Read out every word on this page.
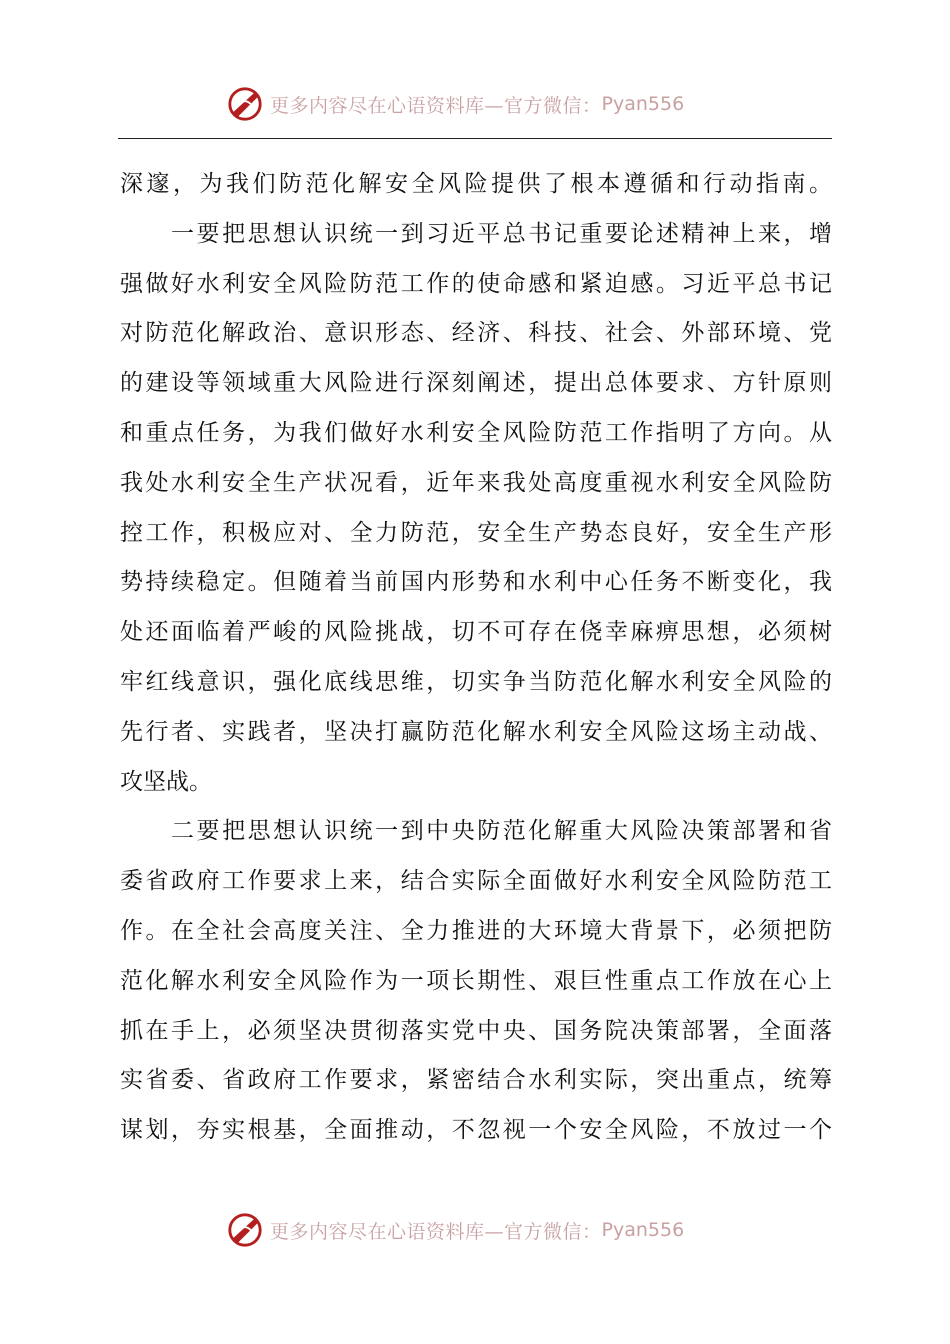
更多内容尽在心语资料库—官方微信： Pyan556
深邃，为我们防范化解安全风险提供了根本遵循和行动指南。
　　一要把思想认识统一到习近平总书记重要论述精神上来，增
强做好水利安全风险防范工作的使命感和紧迫感。习近平总书记
对防范化解政治、意识形态、经济、科技、社会、外部环境、党
的建设等领域重大风险进行深刻阐述，提出总体要求、方针原则
和重点任务，为我们做好水利安全风险防范工作指明了方向。从
我处水利安全生产状况看，近年来我处高度重视水利安全风险防
控工作，积极应对、全力防范，安全生产势态良好，安全生产形
势持续稳定。但随着当前国内形势和水利中心任务不断变化，我
处还面临着严峻的风险挑战，切不可存在侥幸麻痹思想，必须树
牢红线意识，强化底线思维，切实争当防范化解水利安全风险的
先行者、实践者，坚决打赢防范化解水利安全风险这场主动战、
攻坚战。
　　二要把思想认识统一到中央防范化解重大风险决策部署和省
委省政府工作要求上来，结合实际全面做好水利安全风险防范工
作。在全社会高度关注、全力推进的大环境大背景下，必须把防
范化解水利安全风险作为一项长期性、艰巨性重点工作放在心上
抓在手上，必须坚决贯彻落实党中央、国务院决策部署，全面落
实省委、省政府工作要求，紧密结合水利实际，突出重点，统筹
谋划，夯实根基，全面推动，不忽视一个安全风险，不放过一个
更多内容尽在心语资料库—官方微信： Pyan556
